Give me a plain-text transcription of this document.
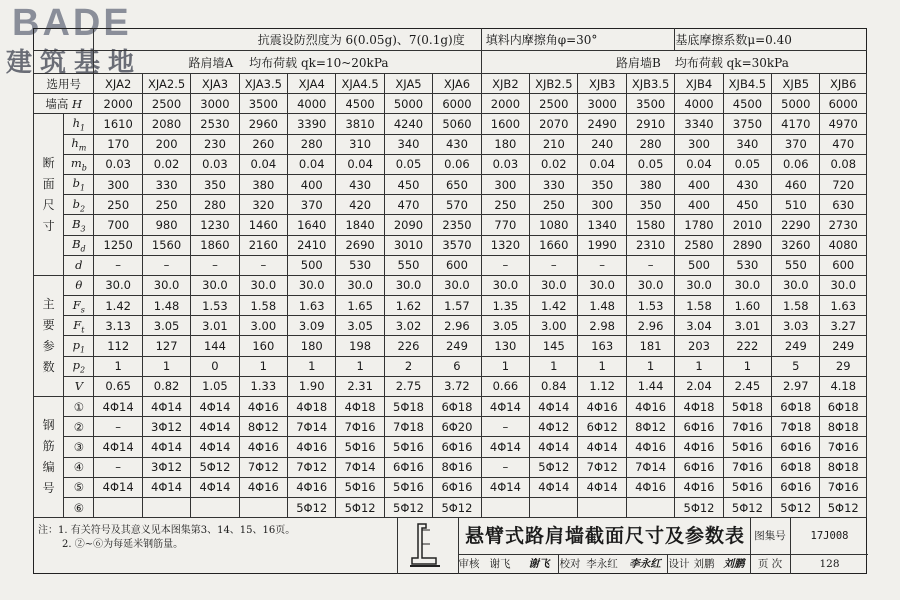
BADE
建筑基地
		抗震设防烈度为 6(0.05g)、7(0.1g)度								填料内摩擦角φ=30°				基底摩擦系数μ=0.40			
		路肩墙A			均布荷载 qk=10~20kPa					路肩墙B				均布荷载 qk=30kPa			
选用号		XJA2	XJA2.5	XJA3	XJA3.5	XJA4	XJA4.5	XJA5	XJA6	XJB2	XJB2.5	XJB3	XJB3.5	XJB4	XJB4.5	XJB5	XJB6
墙高 H		2000	2500	3000	3500	4000	4500	5000	6000	2000	2500	3000	3500	4000	4500	5000	6000

断
面
尺
寸	$h_1$	1610	2080	2530	2960	3390	3810	4240	5060	1600	2070	2490	2910	3340	3750	4170	4970
	$h_m$	170	200	230	260	280	310	340	430	180	210	240	280	300	340	370	470
	$m_b$	0.03	0.02	0.03	0.04	0.04	0.04	0.05	0.06	0.03	0.02	0.04	0.05	0.04	0.05	0.06	0.08
	$b_1$	300	330	350	380	400	430	450	650	300	330	350	380	400	430	460	720
	$b_2$	250	250	280	320	370	420	470	570	250	250	300	350	400	450	510	630
	$B_3$	700	980	1230	1460	1640	1840	2090	2350	770	1080	1340	1580	1780	2010	2290	2730
	$B_d$	1250	1560	1860	2160	2410	2690	3010	3570	1320	1660	1990	2310	2580	2890	3260	4080
	d	–	–	–	–	500	530	550	600	–	–	–	–	500	530	550	600

主
要
参
数	θ	30.0	30.0	30.0	30.0	30.0	30.0	30.0	30.0	30.0	30.0	30.0	30.0	30.0	30.0	30.0	30.0
	$F_s$	1.42	1.48	1.53	1.58	1.63	1.65	1.62	1.57	1.35	1.42	1.48	1.53	1.58	1.60	1.58	1.63
	$F_t$	3.13	3.05	3.01	3.00	3.09	3.05	3.02	2.96	3.05	3.00	2.98	2.96	3.04	3.01	3.03	3.27
	$p_1$	112	127	144	160	180	198	226	249	130	145	163	181	203	222	249	249
	$p_2$	1	1	0	1	1	1	2	6	1	1	1	1	1	1	5	29
	V	0.65	0.82	1.05	1.33	1.90	2.31	2.75	3.72	0.66	0.84	1.12	1.44	2.04	2.45	2.97	4.18

钢
筋
编
号	①	4Φ14	4Φ14	4Φ14	4Φ16	4Φ18	4Φ18	5Φ18	6Φ18	4Φ14	4Φ14	4Φ16	4Φ16	4Φ18	5Φ18	6Φ18	6Φ18
	②	–	3Φ12	4Φ14	8Φ12	7Φ14	7Φ16	7Φ18	6Φ20	–	4Φ12	6Φ12	8Φ12	6Φ16	7Φ16	7Φ18	8Φ18
	③	4Φ14	4Φ14	4Φ14	4Φ16	4Φ16	5Φ16	5Φ16	6Φ16	4Φ14	4Φ14	4Φ14	4Φ16	4Φ16	5Φ16	6Φ16	7Φ16
	④	–	3Φ12	5Φ12	7Φ12	7Φ12	7Φ14	6Φ16	8Φ16	–	5Φ12	7Φ12	7Φ14	6Φ16	7Φ16	6Φ18	8Φ18
	⑤	4Φ14	4Φ14	4Φ14	4Φ16	4Φ16	5Φ16	5Φ16	6Φ16	4Φ14	4Φ14	4Φ14	4Φ16	4Φ16	5Φ16	6Φ16	7Φ16
	⑥					5Φ12	5Φ12	5Φ12	5Φ12					5Φ12	5Φ12	5Φ12	5Φ12
注：1. 有关符号及其意义见本图集第3、14、15、16页。
2. ②~⑥为每延米钢筋量。	悬臂式路肩墙截面尺寸及参数表 图集号	17J008
审核 谢飞	谢飞 校对 李永红	李永红 设计 刘鹏 刘鹏	页 次	128
